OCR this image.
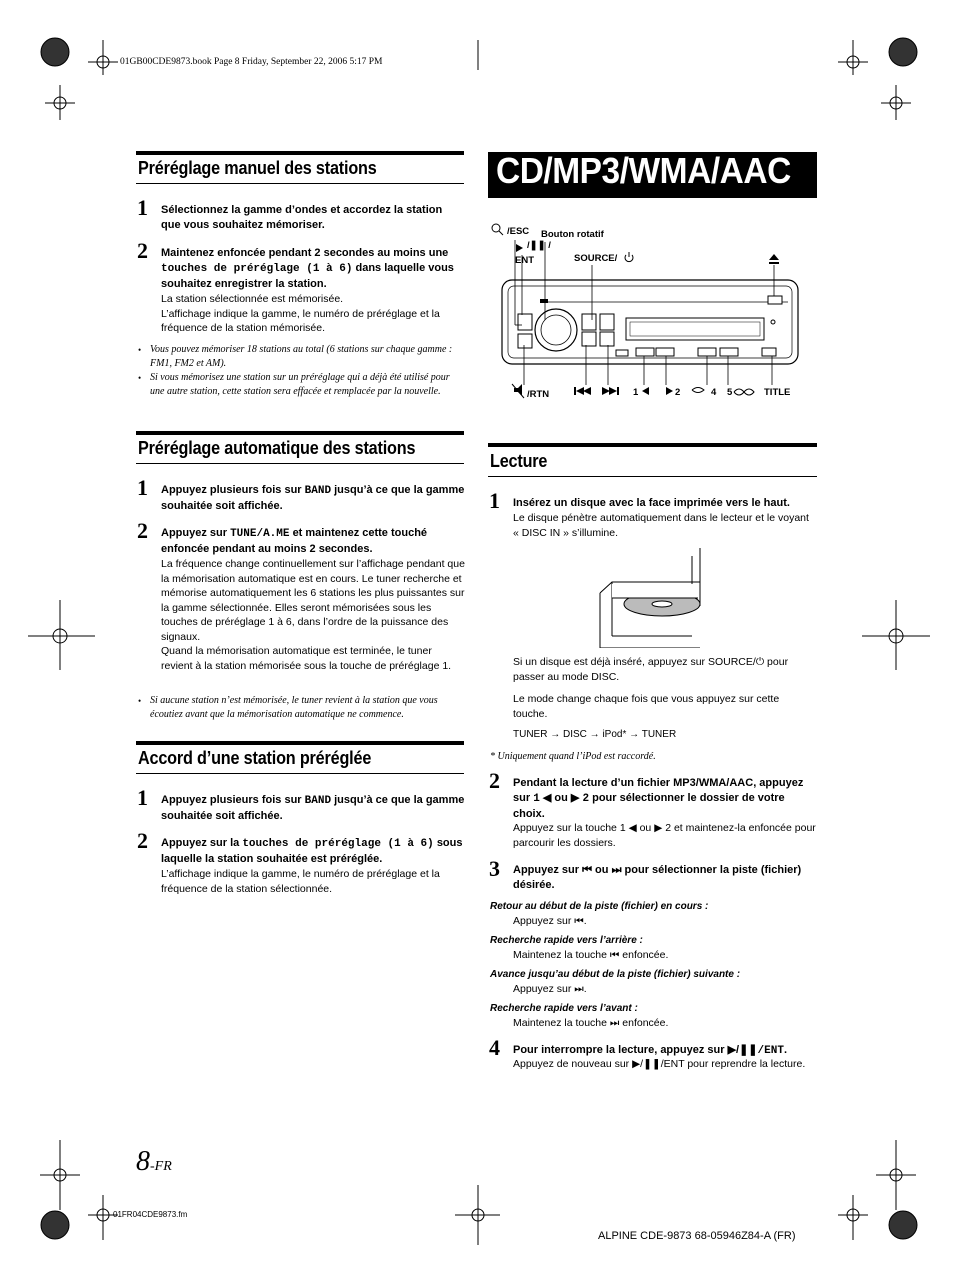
01GB00CDE9873.book Page 8 Friday, September 22, 2006 5:17 PM
8-FR
01FR04CDE9873.fm
ALPINE CDE-9873 68-05946Z84-A (FR)
Préréglage manuel des stations
1 Sélectionnez la gamme d’ondes et accordez la station que vous souhaitez mémoriser.
2 Maintenez enfoncée pendant 2 secondes au moins une touches de préréglage (1 à 6) dans laquelle vous souhaitez enregistrer la station.
La station sélectionnée est mémorisée.
L’affichage indique la gamme, le numéro de préréglage et la fréquence de la station mémorisée.
• Vous pouvez mémoriser 18 stations au total (6 stations sur chaque gamme : FM1, FM2 et AM).
• Si vous mémorisez une station sur un préréglage qui a déjà été utilisé pour une autre station, cette station sera effacée et remplacée par la nouvelle.
Préréglage automatique des stations
1 Appuyez plusieurs fois sur BAND jusqu’à ce que la gamme souhaitée soit affichée.
2 Appuyez sur TUNE/A.ME et maintenez cette touché enfoncée pendant au moins 2 secondes.
La fréquence change continuellement sur l’affichage pendant que la mémorisation automatique est en cours. Le tuner recherche et mémorise automatiquement les 6 stations les plus puissantes sur la gamme sélectionnée. Elles seront mémorisées sous les touches de préréglage 1 à 6, dans l’ordre de la puissance des signaux.
Quand la mémorisation automatique est terminée, le tuner revient à la station mémorisée sous la touche de préréglage 1.
• Si aucune station n’est mémorisée, le tuner revient à la station que vous écoutiez avant que la mémorisation automatique ne commence.
Accord d’une station préréglée
1 Appuyez plusieurs fois sur BAND jusqu’à ce que la gamme souhaitée soit affichée.
2 Appuyez sur la touches de préréglage (1 à 6) sous laquelle la station souhaitée est préréglée.
L’affichage indique la gamme, le numéro de préréglage et la fréquence de la station sélectionnée.
CD/MP3/WMA/AAC
/ESC Bouton rotatif
/❚❚ /
ENT	SOURCE/
/RTN	1	2	4 5	TITLE
Lecture
1 Insérez un disque avec la face imprimée vers le haut.
Le disque pénètre automatiquement dans le lecteur et le voyant « DISC IN » s’illumine.
Si un disque est déjà inséré, appuyez sur SOURCE/⏻ pour passer au mode DISC.
Le mode change chaque fois que vous appuyez sur cette touche.
TUNER → DISC → iPod* → TUNER
* Uniquement quand l’iPod est raccordé.
2 Pendant la lecture d’un fichier MP3/WMA/AAC, appuyez sur 1 ◀ ou ▶ 2 pour sélectionner le dossier de votre choix.
Appuyez sur la touche 1 ◀ ou ▶ 2 et maintenez-la enfoncée pour parcourir les dossiers.
3 Appuyez sur ⏮ ou ⏭ pour sélectionner la piste (fichier) désirée.
Retour au début de la piste (fichier) en cours :
Appuyez sur ⏮.
Recherche rapide vers l’arrière :
Maintenez la touche ⏮ enfoncée.
Avance jusqu’au début de la piste (fichier) suivante :
Appuyez sur ⏭.
Recherche rapide vers l’avant :
Maintenez la touche ⏭ enfoncée.
4 Pour interrompre la lecture, appuyez sur ▶/❚❚/ENT.
Appuyez de nouveau sur ▶/❚❚/ENT pour reprendre la lecture.
